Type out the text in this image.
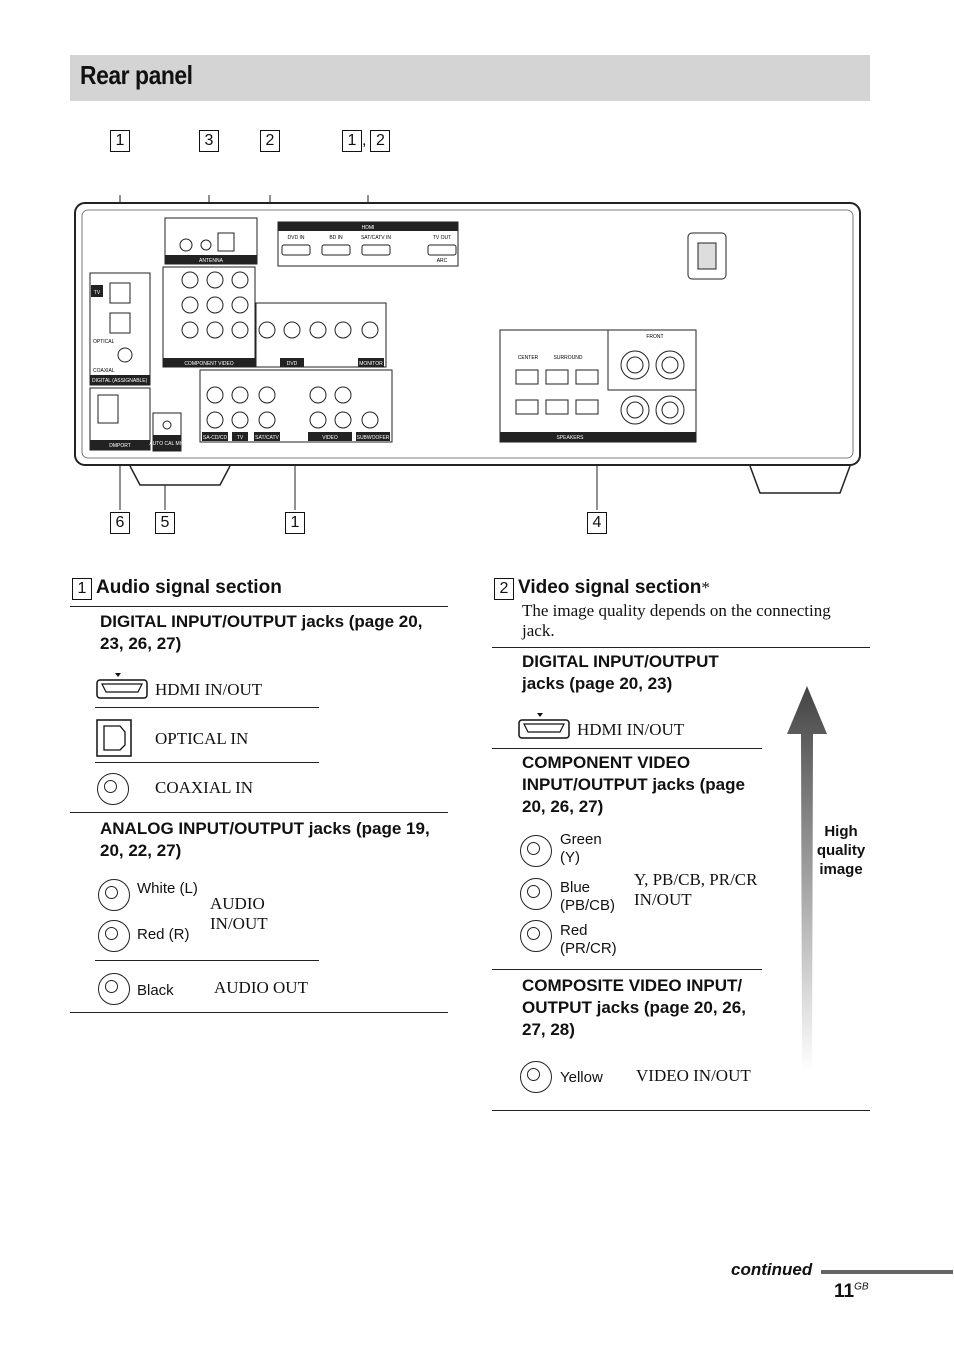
Rear panel
1	3	2	1 , 2
6	5	1	4
ANTENNA
HDMI
DVD IN	BD IN	SAT/CATV IN	TV OUT
ARC
TV
OPTICAL
COAXIAL
DIGITAL (ASSIGNABLE)
DMPORT	AUTO CAL MIC
COMPONENT VIDEO	DVD	MONITOR
SA-CD/CD TV SAT/CATV	VIDEO	SUBWOOFER
CENTER	SURROUND
FRONT
SPEAKERS
1 Audio signal section
DIGITAL INPUT/OUTPUT jacks (page 20, 23, 26, 27)
HDMI IN/OUT
OPTICAL IN
COAXIAL IN
ANALOG INPUT/OUTPUT jacks (page 19, 20, 22, 27)
White (L)
Red (R)
AUDIO IN/OUT
Black AUDIO OUT
2 Video signal section*
The image quality depends on the connecting jack.
DIGITAL INPUT/OUTPUT jacks (page 20, 23)
HDMI IN/OUT
COMPONENT VIDEO INPUT/OUTPUT jacks (page 20, 26, 27)
Green
(Y)
Blue
(PB/CB)
Red
(PR/CR)
Y, PB/CB, PR/CR
IN/OUT
COMPOSITE VIDEO INPUT/ OUTPUT jacks (page 20, 26, 27, 28)
Yellow VIDEO IN/OUT
High quality image
continued
$11^{GB}$
